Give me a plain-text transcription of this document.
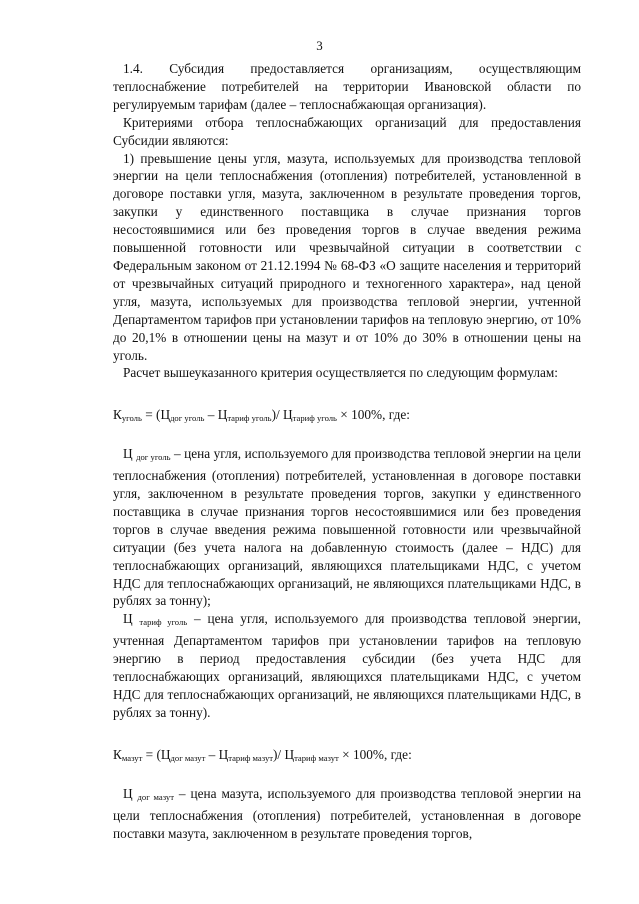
3

1.4. Субсидия предоставляется организациям, осуществляющим теплоснабжение потребителей на территории Ивановской области по регулируемым тарифам (далее – теплоснабжающая организация).

Критериями отбора теплоснабжающих организаций для предоставления Субсидии являются:

1) превышение цены угля, мазута, используемых для производства тепловой энергии на цели теплоснабжения (отопления) потребителей, установленной в договоре поставки угля, мазута, заключенном в результате проведения торгов, закупки у единственного поставщика в случае признания торгов несостоявшимися или без проведения торгов в случае введения режима повышенной готовности или чрезвычайной ситуации в соответствии с Федеральным законом от 21.12.1994 № 68-ФЗ «О защите населения и территорий от чрезвычайных ситуаций природного и техногенного характера», над ценой угля, мазута, используемых для производства тепловой энергии, учтенной Департаментом тарифов при установлении тарифов на тепловую энергию, от 10% до 20,1% в отношении цены на мазут и от 10% до 30% в отношении цены на уголь.

Расчет вышеуказанного критерия осуществляется по следующим формулам:

$К_{уголь} = (Ц_{дог уголь} - Ц_{тариф уголь})/$ $Ц_{тариф уголь} \times 100\%$, где:

Ц дог уголь – цена угля, используемого для производства тепловой энергии на цели теплоснабжения (отопления) потребителей, установленная в договоре поставки угля, заключенном в результате проведения торгов, закупки у единственного поставщика в случае признания торгов несостоявшимися или без проведения торгов в случае введения режима повышенной готовности или чрезвычайной ситуации (без учета налога на добавленную стоимость (далее – НДС) для теплоснабжающих организаций, являющихся плательщиками НДС, с учетом НДС для теплоснабжающих организаций, не являющихся плательщиками НДС, в рублях за тонну);

Ц тариф уголь – цена угля, используемого для производства тепловой энергии, учтенная Департаментом тарифов при установлении тарифов на тепловую энергию в период предоставления субсидии (без учета НДС для теплоснабжающих организаций, являющихся плательщиками НДС, с учетом НДС для теплоснабжающих организаций, не являющихся плательщиками НДС, в рублях за тонну).

$К_{мазут} = (Ц_{дог мазут} - Ц_{тариф мазут})/$ $Ц_{тариф мазут} \times 100\%$, где:

Ц дог мазут – цена мазута, используемого для производства тепловой энергии на цели теплоснабжения (отопления) потребителей, установленная в договоре поставки мазута, заключенном в результате проведения торгов,
